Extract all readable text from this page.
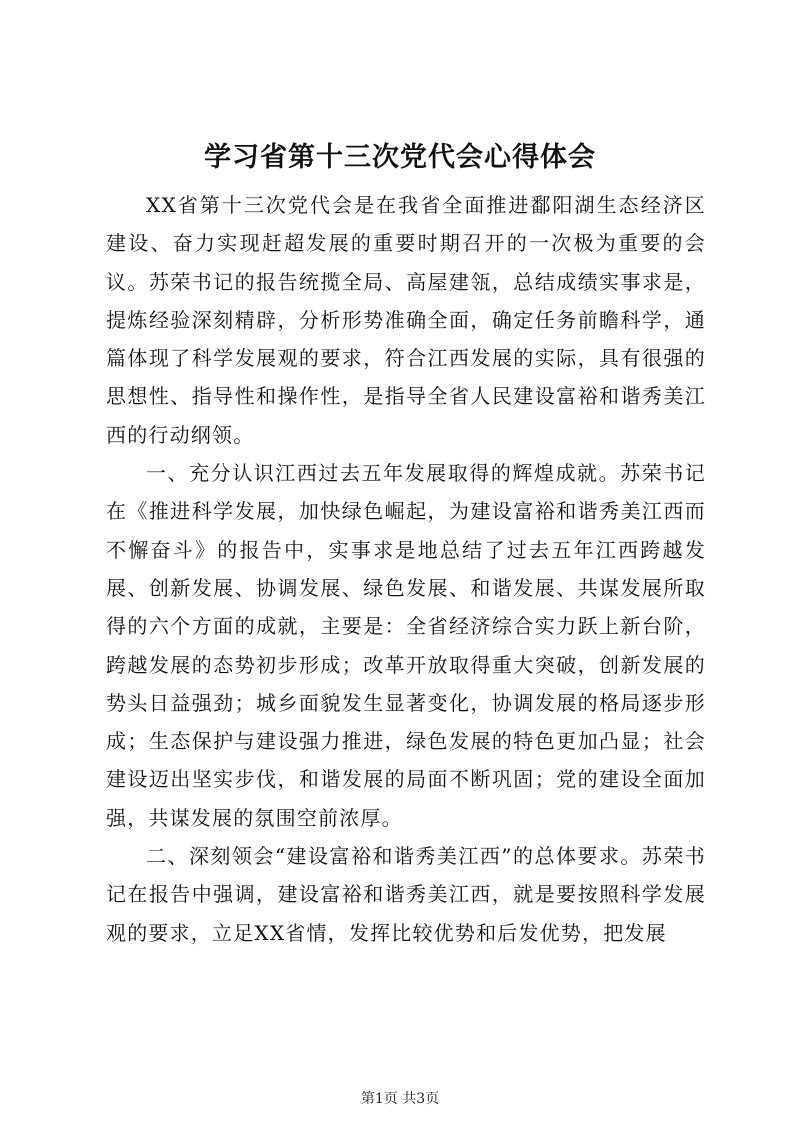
学习省第十三次党代会心得体会

XX省第十三次党代会是在我省全面推进鄱阳湖生态经济区建设、奋力实现赶超发展的重要时期召开的一次极为重要的会议。苏荣书记的报告统揽全局、高屋建瓴，总结成绩实事求是，提炼经验深刻精辟，分析形势准确全面，确定任务前瞻科学，通篇体现了科学发展观的要求，符合江西发展的实际，具有很强的思想性、指导性和操作性，是指导全省人民建设富裕和谐秀美江西的行动纲领。

一、充分认识江西过去五年发展取得的辉煌成就。苏荣书记在《推进科学发展，加快绿色崛起，为建设富裕和谐秀美江西而不懈奋斗》的报告中，实事求是地总结了过去五年江西跨越发展、创新发展、协调发展、绿色发展、和谐发展、共谋发展所取得的六个方面的成就，主要是：全省经济综合实力跃上新台阶，跨越发展的态势初步形成；改革开放取得重大突破，创新发展的势头日益强劲；城乡面貌发生显著变化，协调发展的格局逐步形成；生态保护与建设强力推进，绿色发展的特色更加凸显；社会建设迈出坚实步伐，和谐发展的局面不断巩固；党的建设全面加强，共谋发展的氛围空前浓厚。

二、深刻领会“建设富裕和谐秀美江西”的总体要求。苏荣书记在报告中强调，建设富裕和谐秀美江西，就是要按照科学发展观的要求，立足XX省情，发挥比较优势和后发优势，把发展

第1页 共3页
